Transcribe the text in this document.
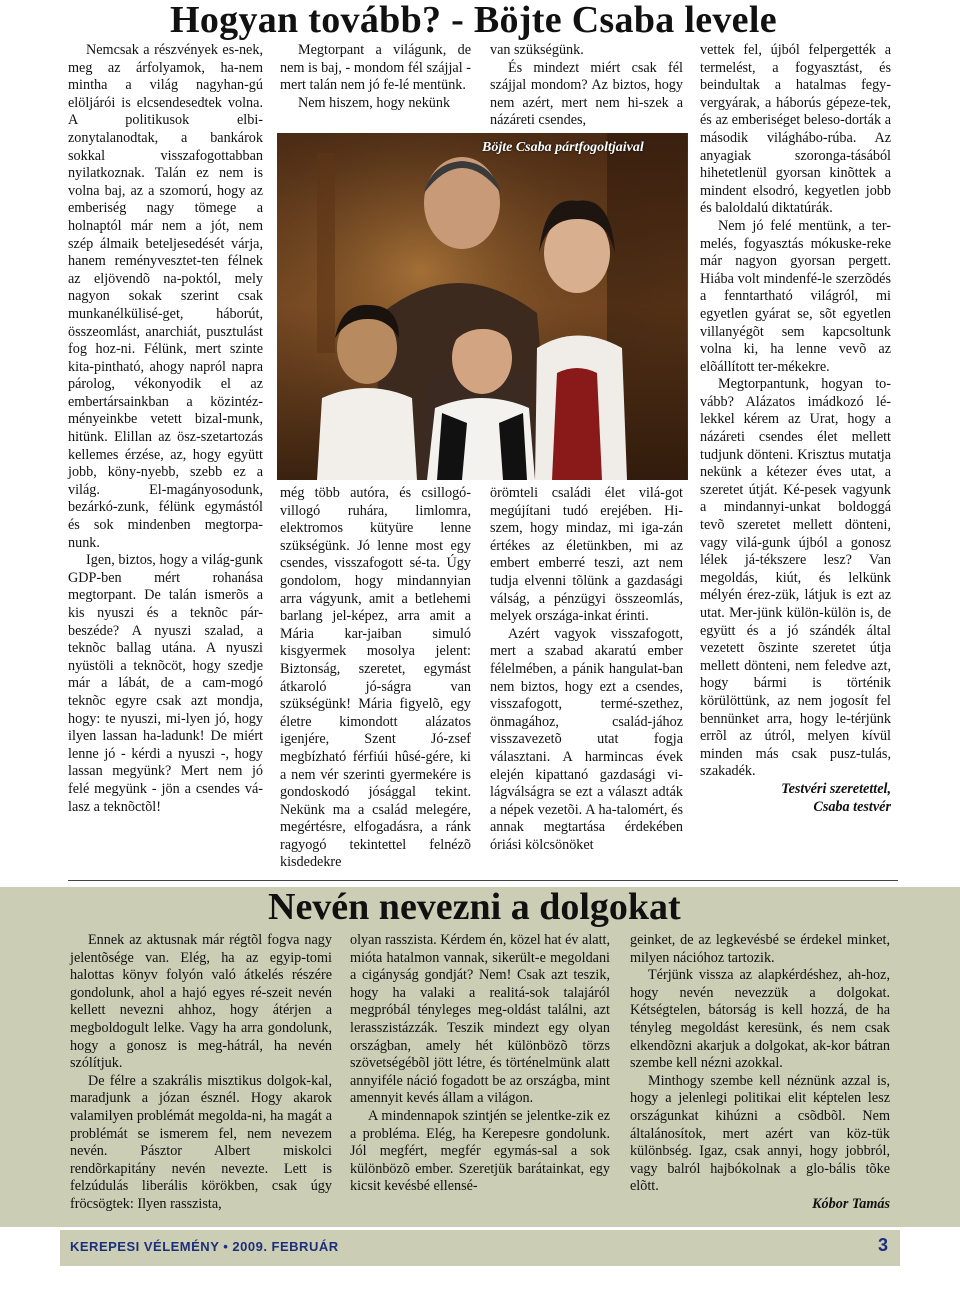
Hogyan tovább? - Böjte Csaba levele

Nemcsak a részvények es-nek, meg az árfolyamok, ha-nem mintha a világ nagyhan-gú elöljárói is elcsendesedtek volna. A politikusok elbi-zonytalanodtak, a bankárok sokkal visszafogottabban nyilatkoznak. Talán ez nem is volna baj, az a szomorú, hogy az emberiség nagy tömege a holnaptól már nem a jót, nem szép álmaik beteljesedését várja, hanem reményvesztet-ten félnek az eljövendõ na-poktól, mely nagyon sokak szerint csak munkanélkülisé-get, háborút, összeomlást, anarchiát, pusztulást fog hoz-ni. Félünk, mert szinte kita-pintható, ahogy napról napra párolog, vékonyodik el az embertársainkban a közintéz-ményeinkbe vetett bizal-munk, hitünk. Elillan az ösz-szetartozás kellemes érzése, az, hogy együtt jobb, köny-nyebb, szebb ez a világ. El-magányosodunk, bezárkó-zunk, félünk egymástól és sok mindenben megtorpa-nunk.

Igen, biztos, hogy a világ-gunk GDP-ben mért rohanása megtorpant. De talán ismerõs a kis nyuszi és a teknõc pár-beszéde? A nyuszi szalad, a teknõc ballag utána. A nyuszi nyüstöli a teknõcöt, hogy szedje már a lábát, de a cam-mogó teknõc egyre csak azt mondja, hogy: te nyuszi, mi-lyen jó, hogy ilyen lassan ha-ladunk! De miért lenne jó - kérdi a nyuszi -, hogy lassan megyünk? Mert nem jó felé megyünk - jön a csendes vá-lasz a teknõctõl!

Megtorpant a világunk, de nem is baj, - mondom fél szájjal - mert talán nem jó fe-lé mentünk.

Nem hiszem, hogy nekünk

van szükségünk.

És mindezt miért csak fél szájjal mondom? Az biztos, hogy nem azért, mert nem hi-szek a názáreti csendes,

Böjte Csaba pártfogoltjaival

még több autóra, és csillogó-villogó ruhára, limlomra, elektromos kütyüre lenne szükségünk. Jó lenne most egy csendes, visszafogott sé-ta. Úgy gondolom, hogy mindannyian arra vágyunk, amit a betlehemi barlang jel-képez, arra amit a Mária kar-jaiban simuló kisgyermek mosolya jelent: Biztonság, szeretet, egymást átkaroló jó-ságra van szükségünk! Mária figyelõ, egy életre kimondott alázatos igenjére, Szent Jó-zsef megbízható férfiúi hûsé-gére, ki a nem vér szerinti gyermekére is gondoskodó jósággal tekint. Nekünk ma a család melegére, megértésre, elfogadásra, a ránk ragyogó tekintettel felnézõ kisdedekre

örömteli családi élet vilá-got megújítani tudó erejében. Hi-szem, hogy mindaz, mi iga-zán értékes az életünkben, mi az embert emberré teszi, azt nem tudja elvenni tõlünk a gazdasági válság, a pénzügyi összeomlás, melyek országa-inkat érinti.

Azért vagyok visszafogott, mert a szabad akaratú ember félelmében, a pánik hangulat-ban nem biztos, hogy ezt a csendes, visszafogott, termé-szethez, önmagához, család-jához visszavezetõ utat fogja választani. A harmincas évek elején kipattanó gazdasági vi-lágválságra se ezt a választ adták a népek vezetõi. A ha-talomért, és annak megtartása érdekében óriási kölcsönöket

vettek fel, újból felpergették a termelést, a fogyasztást, és beindultak a hatalmas fegy-vergyárak, a háborús gépeze-tek, és az emberiséget beleso-dorták a második világhábo-rúba. Az anyagiak szoronga-tásából hihetetlenül gyorsan kinõttek a mindent elsodró, kegyetlen jobb és baloldalú diktatúrák.

Nem jó felé mentünk, a ter-melés, fogyasztás mókuske-reke már nagyon gyorsan pergett. Hiába volt mindenfé-le szerzõdés a fenntartható világról, mi egyetlen gyárat se, sõt egyetlen villanyégõt sem kapcsoltunk volna ki, ha lenne vevõ az elõállított ter-mékekre.

Megtorpantunk, hogyan to-vább? Alázatos imádkozó lé-lekkel kérem az Urat, hogy a názáreti csendes élet mellett tudjunk dönteni. Krisztus mutatja nekünk a kétezer éves utat, a szeretet útját. Ké-pesek vagyunk a mindannyi-unkat boldoggá tevõ szeretet mellett dönteni, vagy vilá-gunk újból a gonosz lélek já-tékszere lesz? Van megoldás, kiút, és lelkünk mélyén érez-zük, látjuk is ezt az utat. Mer-jünk külön-külön is, de együtt és a jó szándék által vezetett õszinte szeretet útja mellett dönteni, nem feledve azt, hogy bármi is történik körülöttünk, az nem jogosít fel bennünket arra, hogy le-térjünk errõl az útról, melyen kívül minden más csak pusz-tulás, szakadék.

Testvéri szeretettel,

Csaba testvér

Nevén nevezni a dolgokat

Ennek az aktusnak már régtõl fogva nagy jelentõsége van. Elég, ha az egyip-tomi halottas könyv folyón való átkelés részére gondolunk, ahol a hajó egyes ré-szeit nevén kellett nevezni ahhoz, hogy átérjen a megboldogult lelke. Vagy ha arra gondolunk, hogy a gonosz is meg-hátrál, ha nevén szólítjuk.

De félre a szakrális misztikus dolgok-kal, maradjunk a józan észnél. Hogy akarok valamilyen problémát megolda-ni, ha magát a problémát se ismerem fel, nem nevezem nevén. Pásztor Albert miskolci rendõrkapitány nevén nevezte. Lett is felzúdulás liberális körökben, csak úgy fröcsögtek: Ilyen rasszista,

olyan rasszista. Kérdem én, közel hat év alatt, mióta hatalmon vannak, sikerült-e megoldani a cigányság gondját? Nem! Csak azt teszik, hogy ha valaki a realitá-sok talajáról megpróbál tényleges meg-oldást találni, azt lerasszistázzák. Teszik mindezt egy olyan országban, amely hét különbözõ törzs szövetségébõl jött létre, és történelmünk alatt annyiféle náció fogadott be az országba, mint amennyit kevés állam a világon.

A mindennapok szintjén se jelentke-zik ez a probléma. Elég, ha Kerepesre gondolunk. Jól megfért, megfér egymás-sal a sok különbözõ ember. Szeretjük barátainkat, egy kicsit kevésbé ellensé-

geinket, de az legkevésbé se érdekel minket, milyen nációhoz tartozik.

Térjünk vissza az alapkérdéshez, ah-hoz, hogy nevén nevezzük a dolgokat. Kétségtelen, bátorság is kell hozzá, de ha tényleg megoldást keresünk, és nem csak elkendõzni akarjuk a dolgokat, ak-kor bátran szembe kell nézni azokkal.

Minthogy szembe kell néznünk azzal is, hogy a jelenlegi politikai elit képtelen lesz országunkat kihúzni a csõdbõl. Nem általánosítok, mert azért van köz-tük különbség. Igaz, csak annyi, hogy jobbról, vagy balról hajbókolnak a glo-bális tõke elõtt.

Kóbor Tamás

KEREPESI VÉLEMÉNY • 2009. FEBRUÁR	3
